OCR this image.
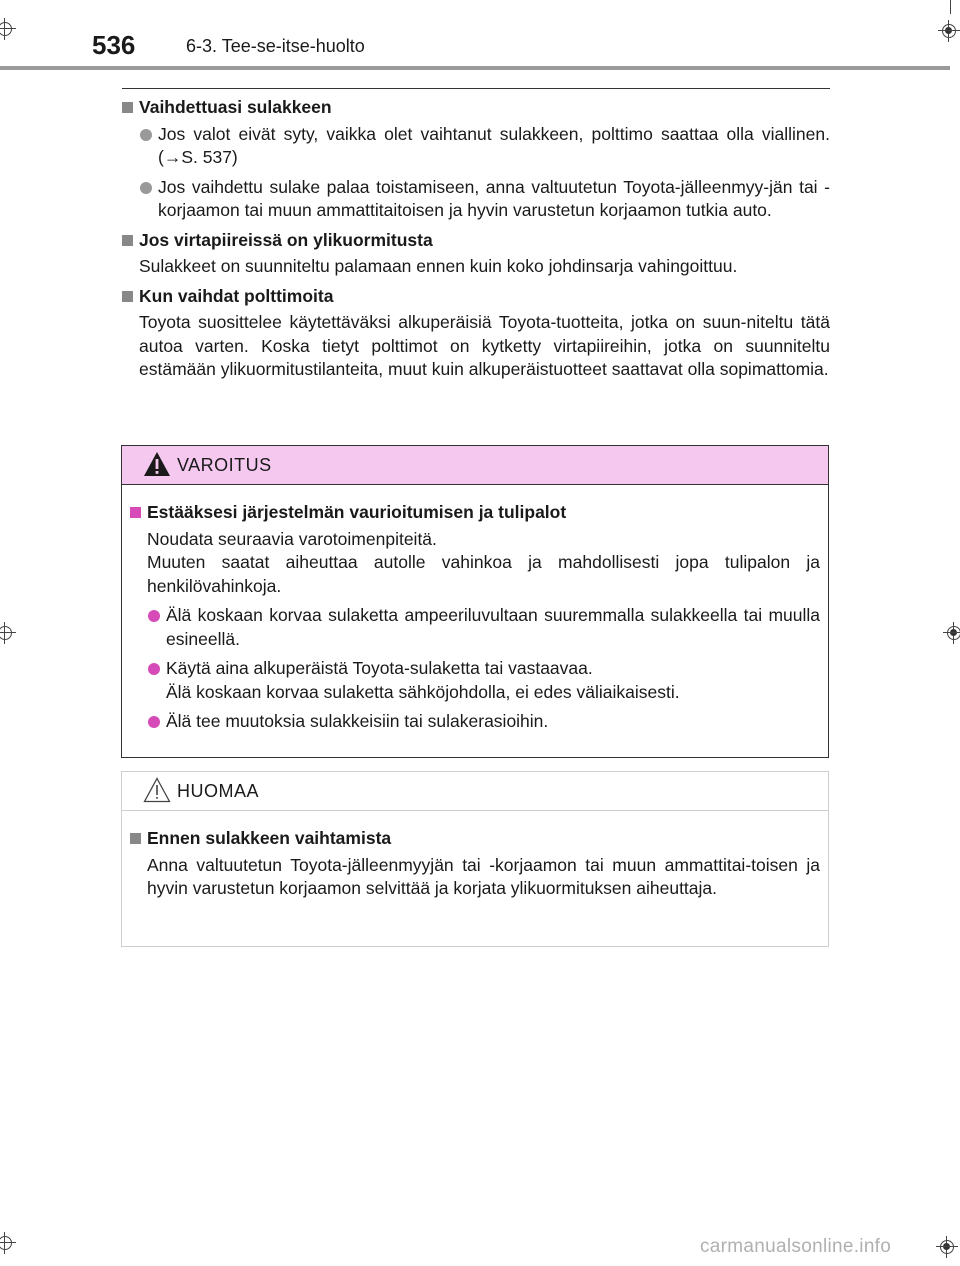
536	6-3. Tee-se-itse-huolto
Vaihdettuasi sulakkeen
Jos valot eivät syty, vaikka olet vaihtanut sulakkeen, polttimo saattaa olla viallinen. (→S. 537)
Jos vaihdettu sulake palaa toistamiseen, anna valtuutetun Toyota-jälleenmyy-jän tai -korjaamon tai muun ammattitaitoisen ja hyvin varustetun korjaamon tutkia auto.
Jos virtapiireissä on ylikuormitusta
Sulakkeet on suunniteltu palamaan ennen kuin koko johdinsarja vahingoittuu.
Kun vaihdat polttimoita
Toyota suosittelee käytettäväksi alkuperäisiä Toyota-tuotteita, jotka on suun-niteltu tätä autoa varten. Koska tietyt polttimot on kytketty virtapiireihin, jotka on suunniteltu estämään ylikuormitustilanteita, muut kuin alkuperäistuotteet saattavat olla sopimattomia.
VAROITUS
Estääksesi järjestelmän vaurioitumisen ja tulipalot
Noudata seuraavia varotoimenpiteitä.
Muuten saatat aiheuttaa autolle vahinkoa ja mahdollisesti jopa tulipalon ja henkilövahinkoja.
Älä koskaan korvaa sulaketta ampeeriluvultaan suuremmalla sulakkeella tai muulla esineellä.
Käytä aina alkuperäistä Toyota-sulaketta tai vastaavaa.
Älä koskaan korvaa sulaketta sähköjohdolla, ei edes väliaikaisesti.
Älä tee muutoksia sulakkeisiin tai sulakerasioihin.
HUOMAA
Ennen sulakkeen vaihtamista
Anna valtuutetun Toyota-jälleenmyyjän tai -korjaamon tai muun ammattitai-toisen ja hyvin varustetun korjaamon selvittää ja korjata ylikuormituksen aiheuttaja.
carmanualsonline.info
